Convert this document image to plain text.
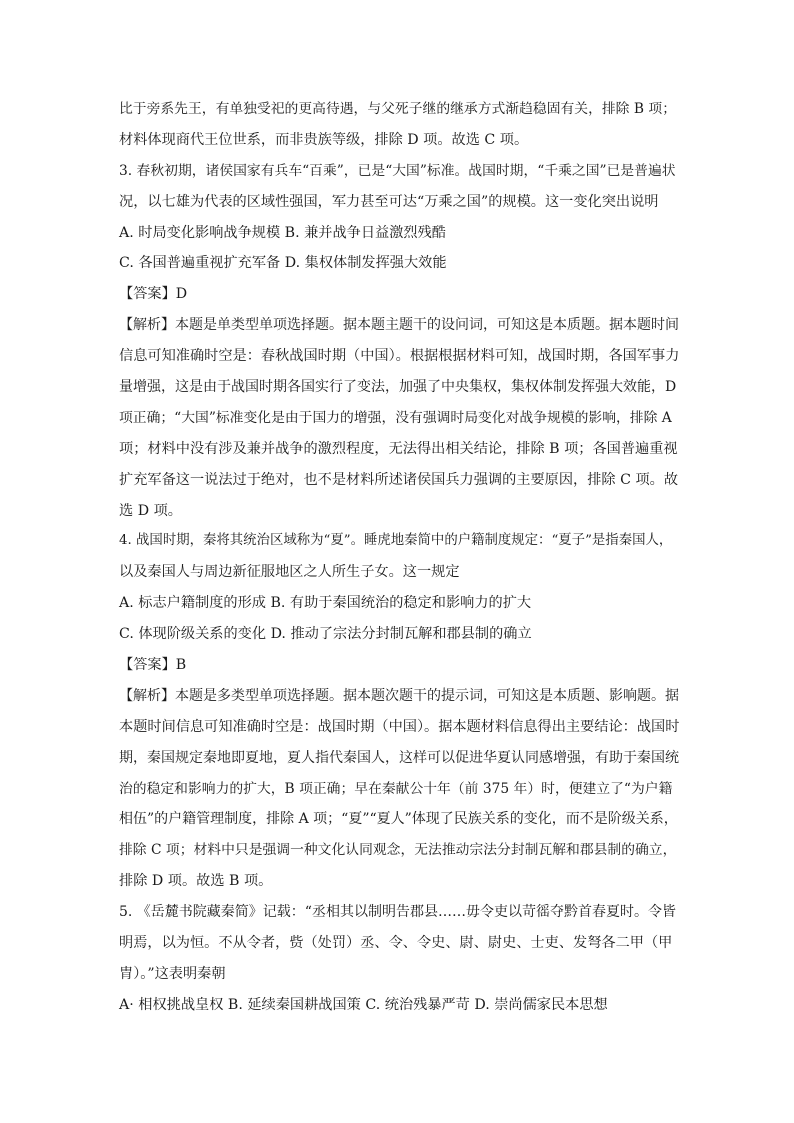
比于旁系先王，有单独受祀的更高待遇，与父死子继的继承方式渐趋稳固有关，排除 B 项；

材料体现商代王位世系，而非贵族等级，排除 D 项。故选 C 项。

3. 春秋初期，诸侯国家有兵车“百乘”，已是“大国”标准。战国时期，“千乘之国”已是普遍状

况，以七雄为代表的区域性强国，军力甚至可达“万乘之国”的规模。这一变化突出说明

A. 时局变化影响战争规模 B. 兼并战争日益激烈残酷

C. 各国普遍重视扩充军备 D. 集权体制发挥强大效能

【答案】D

【解析】本题是单类型单项选择题。据本题主题干的设问词，可知这是本质题。据本题时间

信息可知准确时空是：春秋战国时期（中国）。根据根据材料可知，战国时期，各国军事力

量增强，这是由于战国时期各国实行了变法，加强了中央集权，集权体制发挥强大效能，D

项正确；“大国”标准变化是由于国力的增强，没有强调时局变化对战争规模的影响，排除 A

项；材料中没有涉及兼并战争的激烈程度，无法得出相关结论，排除 B 项；各国普遍重视

扩充军备这一说法过于绝对，也不是材料所述诸侯国兵力强调的主要原因，排除 C 项。故

选 D 项。

4. 战国时期，秦将其统治区域称为“夏”。睡虎地秦简中的户籍制度规定：“夏子”是指秦国人，

以及秦国人与周边新征服地区之人所生子女。这一规定

A. 标志户籍制度的形成 B. 有助于秦国统治的稳定和影响力的扩大

C. 体现阶级关系的变化 D. 推动了宗法分封制瓦解和郡县制的确立

【答案】B

【解析】本题是多类型单项选择题。据本题次题干的提示词，可知这是本质题、影响题。据

本题时间信息可知准确时空是：战国时期（中国）。据本题材料信息得出主要结论：战国时

期，秦国规定秦地即夏地，夏人指代秦国人，这样可以促进华夏认同感增强，有助于秦国统

治的稳定和影响力的扩大，B 项正确；早在秦献公十年（前 375 年）时，便建立了“为户籍

相伍”的户籍管理制度，排除 A 项；“夏”“夏人”体现了民族关系的变化，而不是阶级关系，

排除 C 项；材料中只是强调一种文化认同观念，无法推动宗法分封制瓦解和郡县制的确立，

排除 D 项。故选 B 项。

5. 《岳麓书院藏秦简》记载：“丞相其以制明告郡县……毋令吏以苛徭夺黔首春夏时。令皆

明焉，以为恒。不从令者，赀（处罚）丞、令、令史、尉、尉史、士吏、发弩各二甲（甲

胄）。”这表明秦朝

A· 相权挑战皇权 B. 延续秦国耕战国策 C. 统治残暴严苛 D. 崇尚儒家民本思想
